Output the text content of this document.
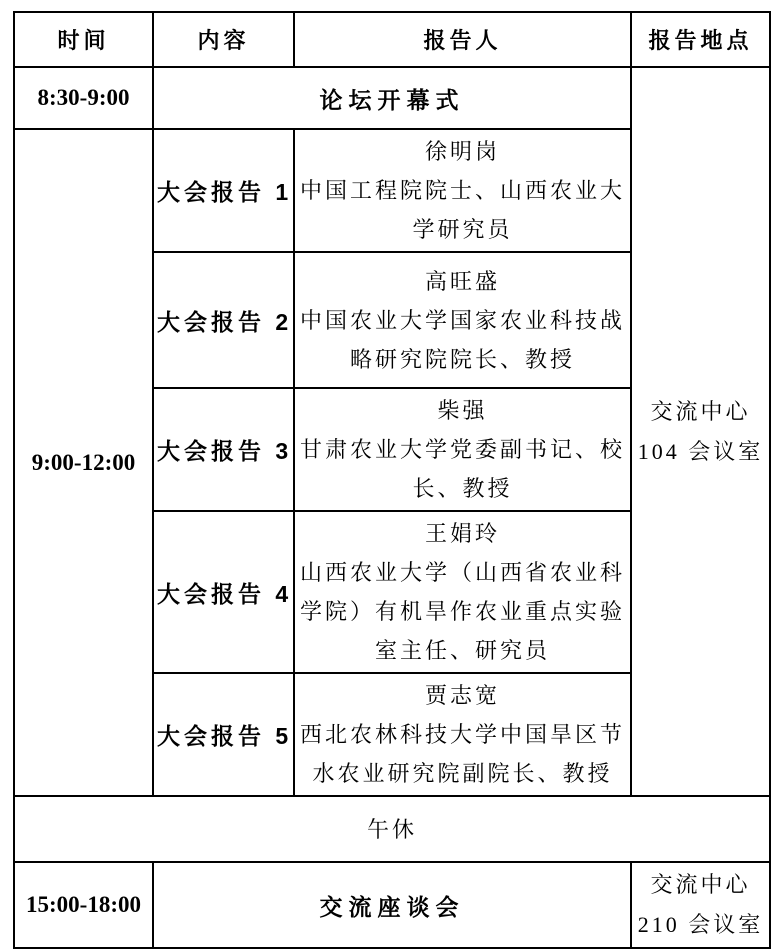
时间	内容	报告人	报告地点
8:30-9:00	论坛开幕式		交流中心
104 会议室

9:00-12:00	大会报告 1	徐明岗
中国工程院院士、山西农业大学研究员	

	大会报告 2	高旺盛
中国农业大学国家农业科技战略研究院院长、教授	

	大会报告 3	柴强
甘肃农业大学党委副书记、校长、教授	

	大会报告 4	王娟玲
山西农业大学（山西省农业科学院）有机旱作农业重点实验室主任、研究员	

	大会报告 5	贾志宽
西北农林科技大学中国旱区节水农业研究院副院长、教授	

午休			
15:00-18:00	交流座谈会		交流中心
210 会议室
